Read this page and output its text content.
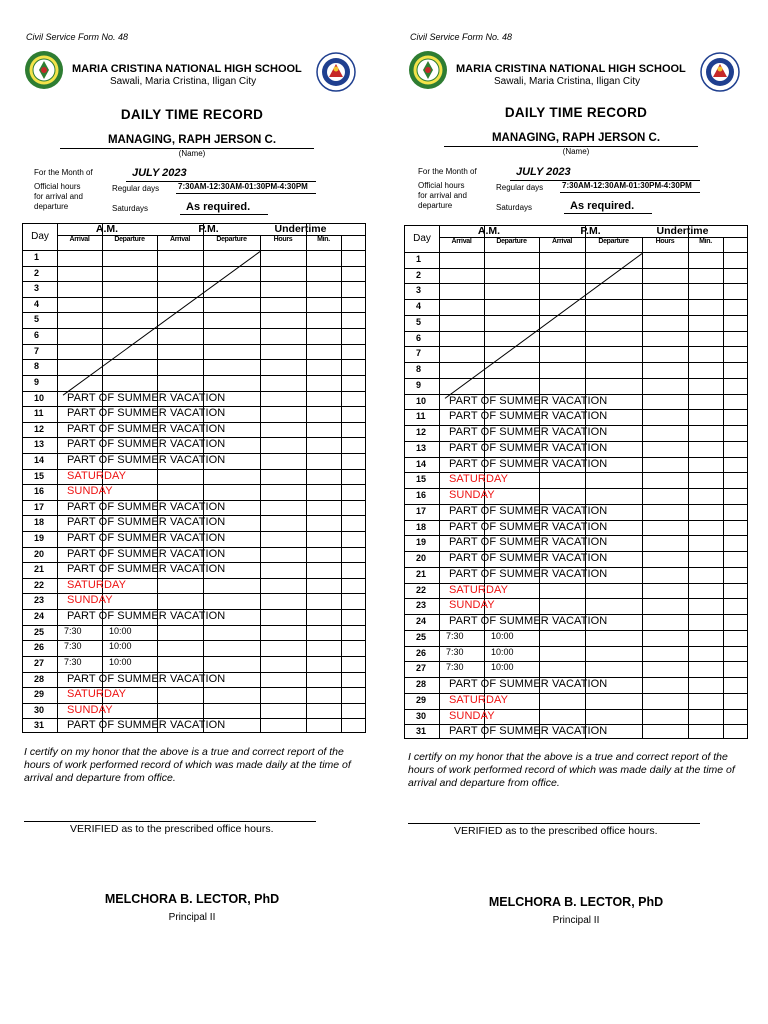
Civil Service Form No. 48
MARIA CRISTINA NATIONAL HIGH SCHOOL
Sawali, Maria Cristina, Iligan City
DAILY TIME RECORD
MANAGING, RAPH JERSON C.
(Name)
For the Month of	JULY 2023
Official hours
for arrival and
departure
Regular days 7:30AM-12:30AM-01:30PM-4:30PM
Saturdays	As required.
Day
A.M.	P.M.	Undertime
Arrival	Departure	Arrival	Departure	Hours	Min.
1
2
3
4
5
6
7
8
9
10	PART OF SUMMER VACATION
11	PART OF SUMMER VACATION
12	PART OF SUMMER VACATION
13	PART OF SUMMER VACATION
14	PART OF SUMMER VACATION
15	SATURDAY
16	SUNDAY
17	PART OF SUMMER VACATION
18	PART OF SUMMER VACATION
19	PART OF SUMMER VACATION
20	PART OF SUMMER VACATION
21	PART OF SUMMER VACATION
22	SATURDAY
23	SUNDAY
24	PART OF SUMMER VACATION
25	7:30	10:00
26	7:30	10:00
27	7:30	10:00
28	PART OF SUMMER VACATION
29	SATURDAY
30	SUNDAY
31	PART OF SUMMER VACATION
I certify on my honor that the above is a true and correct report of the hours of work performed record of which was made daily at the time of arrival and departure from office.
VERIFIED as to the prescribed office hours.
MELCHORA B. LECTOR, PhD
Principal II
Civil Service Form No. 48
MARIA CRISTINA NATIONAL HIGH SCHOOL
Sawali, Maria Cristina, Iligan City
DAILY TIME RECORD
MANAGING, RAPH JERSON C.
(Name)
For the Month of	JULY 2023
Official hours
for arrival and
departure
Regular days 7:30AM-12:30AM-01:30PM-4:30PM
Saturdays	As required.
Day
A.M.	P.M.	Undertime
Arrival	Departure	Arrival	Departure	Hours	Min.
1
2
3
4
5
6
7
8
9
10	PART OF SUMMER VACATION
11	PART OF SUMMER VACATION
12	PART OF SUMMER VACATION
13	PART OF SUMMER VACATION
14	PART OF SUMMER VACATION
15	SATURDAY
16	SUNDAY
17	PART OF SUMMER VACATION
18	PART OF SUMMER VACATION
19	PART OF SUMMER VACATION
20	PART OF SUMMER VACATION
21	PART OF SUMMER VACATION
22	SATURDAY
23	SUNDAY
24	PART OF SUMMER VACATION
25	7:30	10:00
26	7:30	10:00
27	7:30	10:00
28	PART OF SUMMER VACATION
29	SATURDAY
30	SUNDAY
31	PART OF SUMMER VACATION
I certify on my honor that the above is a true and correct report of the hours of work performed record of which was made daily at the time of arrival and departure from office.
VERIFIED as to the prescribed office hours.
MELCHORA B. LECTOR, PhD
Principal II
